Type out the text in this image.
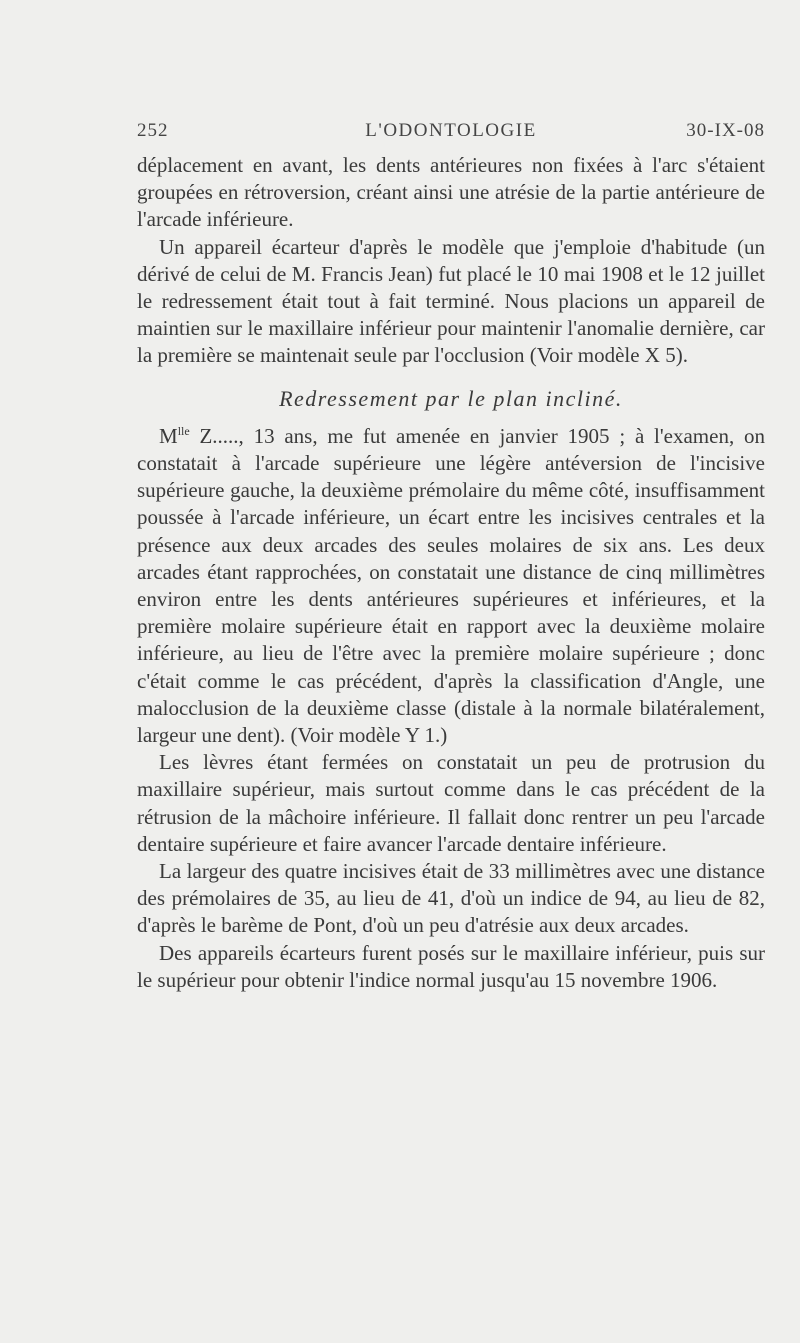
252	L'ODONTOLOGIE	30-IX-08

déplacement en avant, les dents antérieures non fixées à l'arc s'étaient groupées en rétroversion, créant ainsi une atrésie de la partie antérieure de l'arcade inférieure.

Un appareil écarteur d'après le modèle que j'emploie d'habitude (un dérivé de celui de M. Francis Jean) fut placé le 10 mai 1908 et le 12 juillet le redressement était tout à fait terminé. Nous placions un appareil de maintien sur le maxillaire inférieur pour maintenir l'anomalie dernière, car la première se maintenait seule par l'occlusion (Voir modèle X 5).

Redressement par le plan incliné.

$M^{lle}$ Z....., 13 ans, me fut amenée en janvier 1905 ; à l'examen, on constatait à l'arcade supérieure une légère antéversion de l'incisive supérieure gauche, la deuxième prémolaire du même côté, insuffisamment poussée à l'arcade inférieure, un écart entre les incisives centrales et la présence aux deux arcades des seules molaires de six ans. Les deux arcades étant rapprochées, on constatait une distance de cinq millimètres environ entre les dents antérieures supérieures et inférieures, et la première molaire supérieure était en rapport avec la deuxième molaire inférieure, au lieu de l'être avec la première molaire supérieure ; donc c'était comme le cas précédent, d'après la classification d'Angle, une malocclusion de la deuxième classe (distale à la normale bilatéralement, largeur une dent). (Voir modèle Y 1.)

Les lèvres étant fermées on constatait un peu de protrusion du maxillaire supérieur, mais surtout comme dans le cas précédent de la rétrusion de la mâchoire inférieure. Il fallait donc rentrer un peu l'arcade dentaire supérieure et faire avancer l'arcade dentaire inférieure.

La largeur des quatre incisives était de 33 millimètres avec une distance des prémolaires de 35, au lieu de 41, d'où un indice de 94, au lieu de 82, d'après le barème de Pont, d'où un peu d'atrésie aux deux arcades.

Des appareils écarteurs furent posés sur le maxillaire inférieur, puis sur le supérieur pour obtenir l'indice normal jusqu'au 15 novembre 1906.
